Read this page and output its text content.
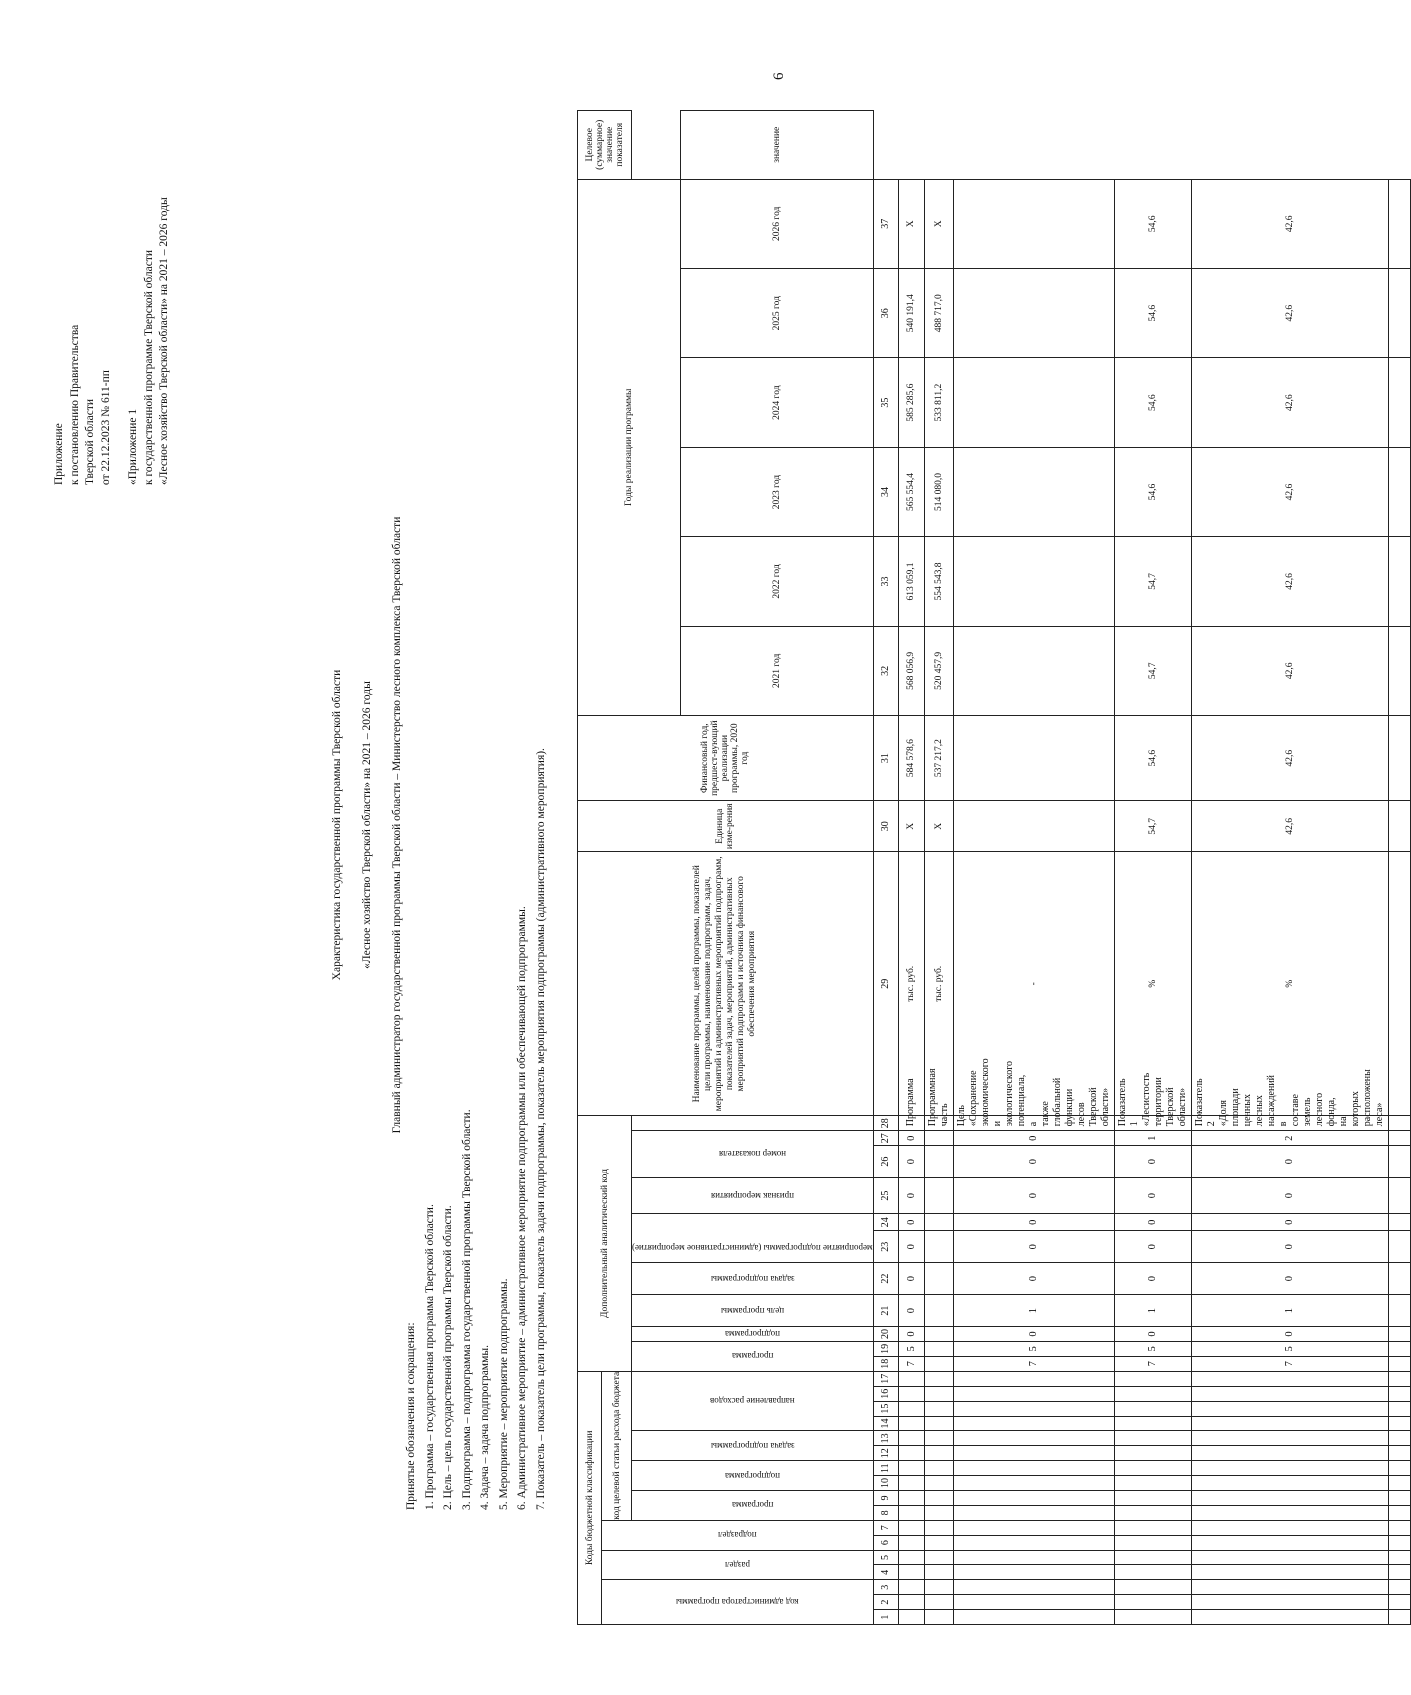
6
Приложение к постановлению Правительства Тверской области от 22.12.2023 № 611-пп «Приложение 1 к государственной программе Тверской области «Лесное хозяйство Тверской области» на 2021 – 2026 годы
Характеристика государственной программы Тверской области	«Лесное хозяйство Тверской области» на 2021 – 2026 годы	Главный администратор государственной программы Тверской области – Министерство лесного комплекса Тверской области
Принятые обозначения и сокращения: 1. Программа – государственная программа Тверской области. 2. Цель – цель государственной программы Тверской области. 3. Подпрограмма – подпрограмма государственной программы Тверской области. 4. Задача – задача подпрограммы. 5. Мероприятие – мероприятие подпрограммы. 6. Административное мероприятие – административное мероприятие подпрограммы или обеспечивающей подпрограммы. 7. Показатель – показатель цели программы, показатель задачи подпрограммы, показатель мероприятия подпрограммы (административного мероприятия).	Коды бюджетной классификации																	Дополнительный аналитический код											Наименование программы, целей программы, показателей цели программы, наименование подпрограмм, задач, мероприятий и административных мероприятий подпрограмм, показателей задач, мероприятий, административных мероприятий подпрограмм и источника финансового обеспечения мероприятия	Единица изме-рения	Финансовый год, предшест-вующий реализации программы, 2020 год	Годы реализации программы						Целевое (суммарное) значение показателя

код администратора программы			раздел		подраздел		код целевой статьи расхода бюджета																														

							программа		подпрограмма		задача подпрограммы		направление расходов				программа		подпрограмма	цель программы	задача подпрограммы	мероприятие подпрограммы (административное мероприятие)		признак мероприятия	номер показателя												

																															2021 год	2022 год	2023 год	2024 год	2025 год	2026 год	значение
1	2	3	4	5	6	7	8	9	10	11	12	13	14	15	16	17	18	19	20	21	22	23	24	25	26	27	28	29	30	31	32	33	34	35	36	37	
																	7	5	0	0	0	0	0	0	0	0	Программа	тыс. руб.	Х	584 578,6	568 056,9	613 059,1	565 554,4	585 285,6	540 191,4	Х	
																											Программная часть	тыс. руб.	Х	537 217,2	520 457,9	554 543,8	514 080,0	533 811,2	488 717,0	Х	
																	7	5	0	1	0	0	0	0	0	0	Цель «Сохранение экономического и экологического потенциала, а также глобальной функции лесов Тверской области»	-									
																	7	5	0	1	0	0	0	0	0	1	Показатель 1 «Лесистость территории Тверской области»	%	54,7	54,6	54,7	54,7	54,6	54,6	54,6	54,6	
																	7	5	0	1	0	0	0	0	0	2	Показатель 2 «Доля площади ценных лесных насаждений в составе земель лесного фонда, на которых расположены леса»	%	42,6	42,6	42,6	42,6	42,6	42,6	42,6	42,6	
